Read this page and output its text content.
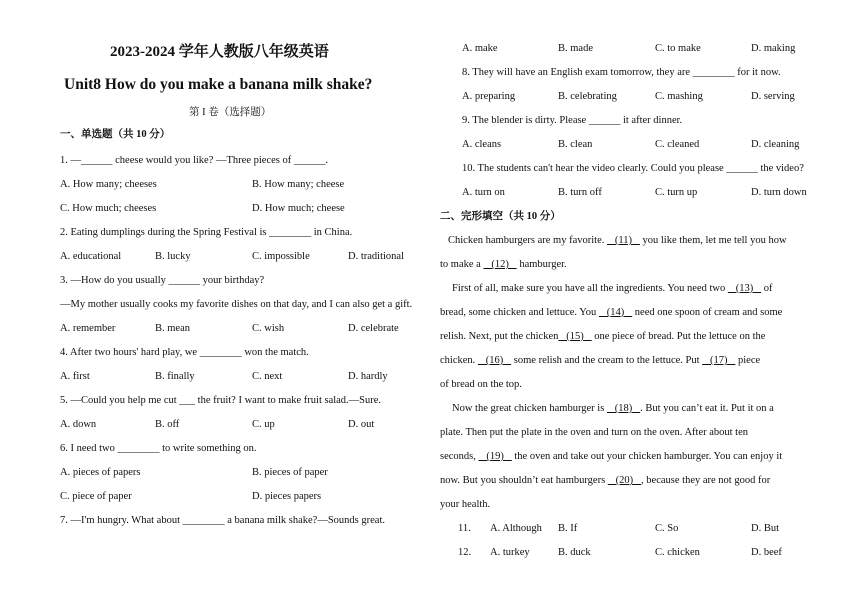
2023-2024 学年人教版八年级英语
Unit8 How do you make a banana milk shake?
第 I 卷（选择题）
一、单选题（共 10 分）
1. —______ cheese would you like? —Three pieces of ______.
A. How many; cheeses	B. How many; cheese
C. How much; cheeses	D. How much; cheese
2. Eating dumplings during the Spring Festival is ________ in China.
A. educational	B. lucky	C. impossible	D. traditional
3. —How do you usually ______ your birthday?
—My mother usually cooks my favorite dishes on that day, and I can also get a gift.
A. remember	B. mean	C. wish	D. celebrate
4. After two hours' hard play, we ________ won the match.
A. first	B. finally	C. next	D. hardly
5. —Could you help me cut ___ the fruit? I want to make fruit salad.—Sure.
A. down	B. off	C. up	D. out
6. I need two ________ to write something on.
A. pieces of papers	B. pieces of paper
C. piece of paper	D. pieces papers
7. —I'm hungry. What about ________ a banana milk shake?—Sounds great.
A. make	B. made	C. to make	D. making
8. They will have an English exam tomorrow, they are ________ for it now.
A. preparing	B. celebrating	C. mashing	D. serving
9. The blender is dirty. Please ______ it after dinner.
A. cleans	B. clean	C. cleaned	D. cleaning
10. The students can't hear the video clearly. Could you please ______ the video?
A. turn on	B. turn off	C. turn up	D. turn down
二、完形填空（共 10 分）
Chicken hamburgers are my favorite.    (11)    you like them, let me tell you how
to make a    (12)    hamburger.
First of all, make sure you have all the ingredients. You need two    (13)    of
bread, some chicken and lettuce. You    (14)    need one spoon of cream and some
relish. Next, put the chicken   (15)    one piece of bread. Put the lettuce on the
chicken.    (16)    some relish and the cream to the lettuce. Put    (17)    piece
of bread on the top.
Now the great chicken hamburger is    (18)   . But you can’t eat it. Put it on a
plate. Then put the plate in the oven and turn on the oven. After about ten
seconds,    (19)    the oven and take out your chicken hamburger. You can enjoy it
now. But you shouldn’t eat hamburgers    (20)   , because they are not good for
your health.
11. A. Although B. If	C. So	D. But
12. A. turkey	B. duck	C. chicken	D. beef
